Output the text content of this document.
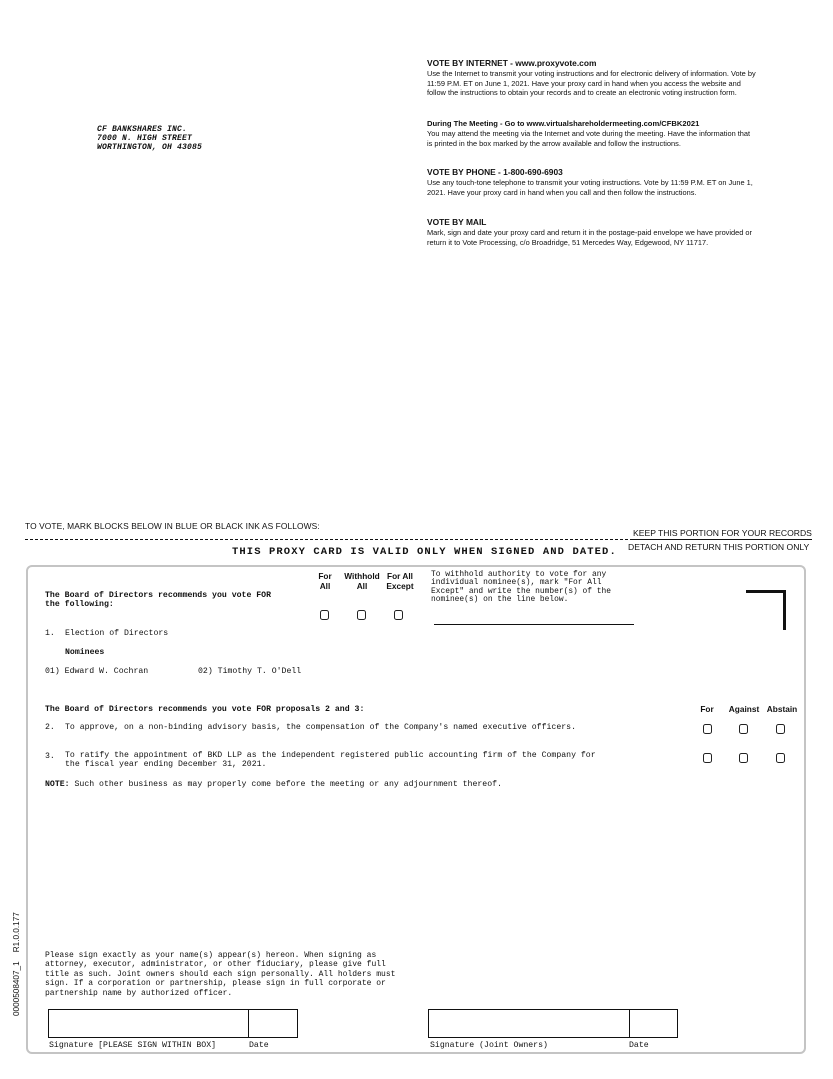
CF BANKSHARES INC.
7000 N. HIGH STREET
WORTHINGTON, OH 43085
VOTE BY INTERNET - www.proxyvote.com

Use the Internet to transmit your voting instructions and for electronic delivery of information. Vote by 11:59 P.M. ET on June 1, 2021. Have your proxy card in hand when you access the website and follow the instructions to obtain your records and to create an electronic voting instruction form.

During The Meeting - Go to www.virtualshareholdermeeting.com/CFBK2021

You may attend the meeting via the Internet and vote during the meeting. Have the information that is printed in the box marked by the arrow available and follow the instructions.

VOTE BY PHONE - 1-800-690-6903

Use any touch-tone telephone to transmit your voting instructions. Vote by 11:59 P.M. ET on June 1, 2021. Have your proxy card in hand when you call and then follow the instructions.

VOTE BY MAIL

Mark, sign and date your proxy card and return it in the postage-paid envelope we have provided or return it to Vote Processing, c/o Broadridge, 51 Mercedes Way, Edgewood, NY 11717.

TO VOTE, MARK BLOCKS BELOW IN BLUE OR BLACK INK AS FOLLOWS:
KEEP THIS PORTION FOR YOUR RECORDS
DETACH AND RETURN THIS PORTION ONLY
THIS PROXY CARD IS VALID ONLY WHEN SIGNED AND DATED.
The Board of Directors recommends you vote FOR
the following:
For
All
Withhold
All
For All
Except
To withhold authority to vote for any
individual nominee(s), mark "For All
Except" and write the number(s) of the
nominee(s) on the line below.
1. Election of Directors
Nominees
01) Edward W. Cochran	02) Timothy T. O'Dell
The Board of Directors recommends you vote FOR proposals 2 and 3:	For	Against Abstain
2. To approve, on a non-binding advisory basis, the compensation of the Company's named executive officers.
3. To ratify the appointment of BKD LLP as the independent registered public accounting firm of the Company for
the fiscal year ending December 31, 2021.
NOTE: Such other business as may properly come before the meeting or any adjournment thereof.
Please sign exactly as your name(s) appear(s) hereon. When signing as
attorney, executor, administrator, or other fiduciary, please give full
title as such. Joint owners should each sign personally. All holders must
sign. If a corporation or partnership, please sign in full corporate or
partnership name by authorized officer.
Signature [PLEASE SIGN WITHIN BOX]	Date	Signature (Joint Owners)	Date
0000508407_1    R1.0.0.177
